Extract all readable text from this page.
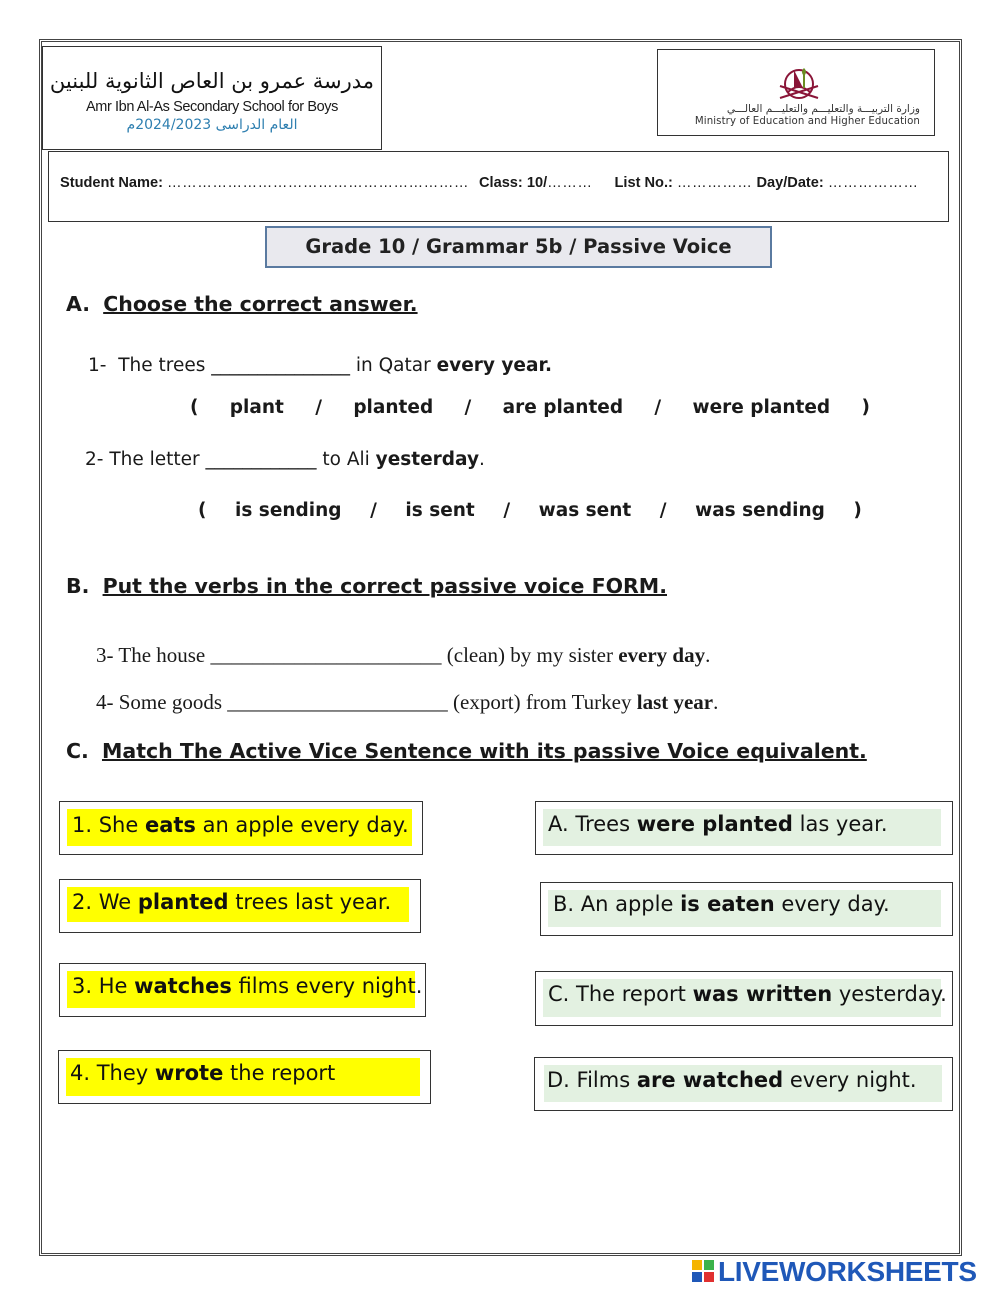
مدرسة عمرو بن العاص الثانوية للبنين
Amr Ibn Al-As Secondary School for Boys
العام الدراسى 2024/2023م
وزارة التربيـــة والتعليـــم والتعليـــم العالـــي
Ministry of Education and Higher Education
Student Name: …………………………………………………… Class: 10/……… List No.: …………… Day/Date: ………………
Grade 10 / Grammar 5b / Passive Voice
A. Choose the correct answer.
1-  The trees _______________ in Qatar every year.
( plant / planted / are planted / were planted )
2- The letter ____________ to Ali yesterday.
( is sending / is sent / was sent / was sending )
B. Put the verbs in the correct passive voice FORM.
3- The house ______________________ (clean) by my sister every day.
4- Some goods _____________________ (export) from Turkey last year.
C. Match The Active Vice Sentence with its passive Voice equivalent.
1. She eats an apple every day.
2. We planted trees last year.
3. He watches films every night.
4. They wrote the report
A. Trees were planted las year.
B. An apple is eaten every day.
C. The report was written yesterday.
D. Films are watched every night.
LIVEWORKSHEETS
